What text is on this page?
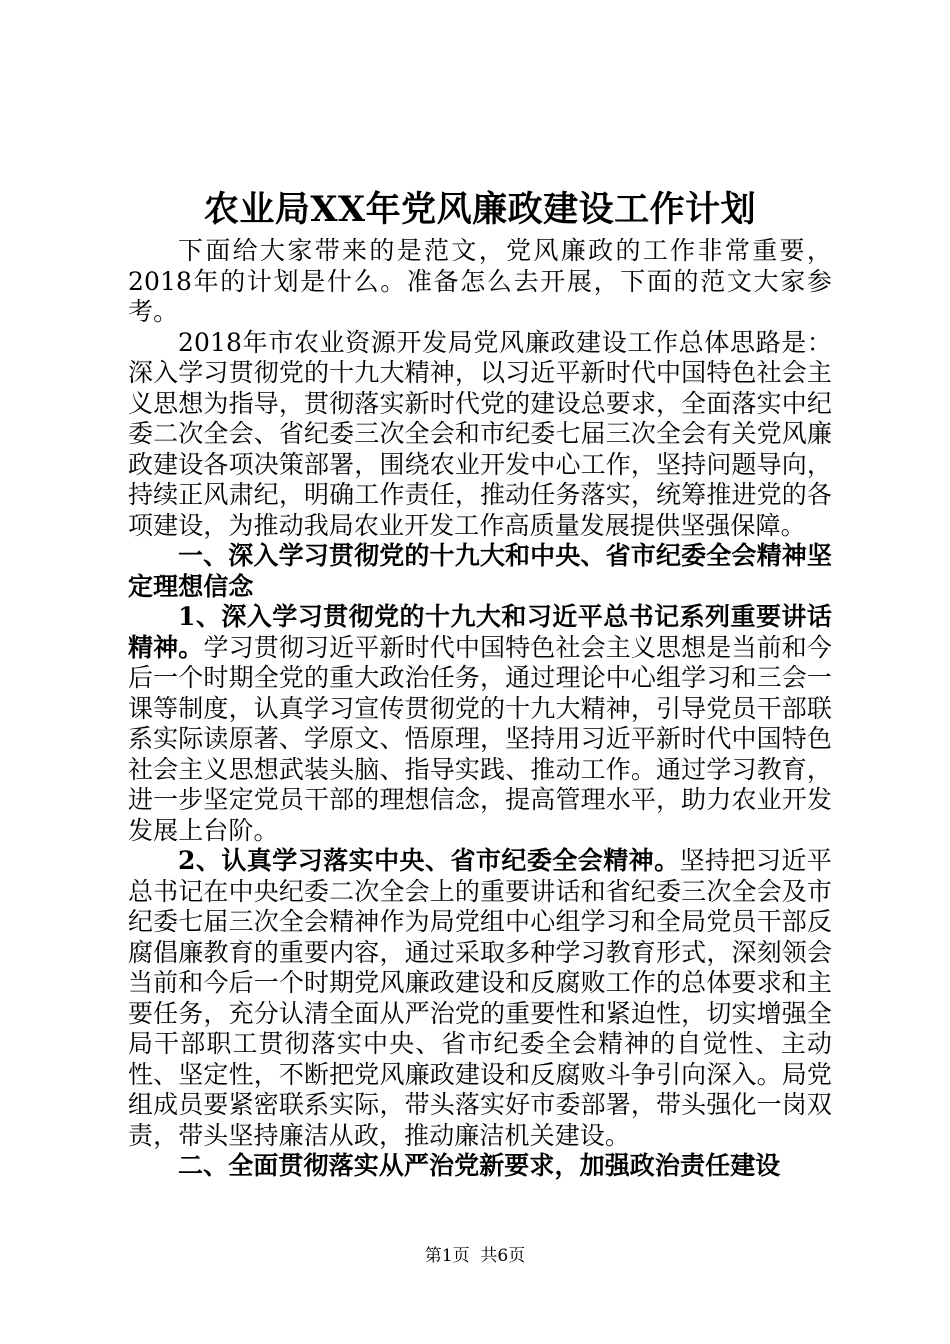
农业局XX年党风廉政建设工作计划

下面给大家带来的是范文，党风廉政的工作非常重要，2018年的计划是什么。准备怎么去开展，下面的范文大家参考。

2018年市农业资源开发局党风廉政建设工作总体思路是：深入学习贯彻党的十九大精神，以习近平新时代中国特色社会主义思想为指导，贯彻落实新时代党的建设总要求，全面落实中纪委二次全会、省纪委三次全会和市纪委七届三次全会有关党风廉政建设各项决策部署，围绕农业开发中心工作，坚持问题导向，持续正风肃纪，明确工作责任，推动任务落实，统筹推进党的各项建设，为推动我局农业开发工作高质量发展提供坚强保障。

一、深入学习贯彻党的十九大和中央、省市纪委全会精神坚定理想信念

1、深入学习贯彻党的十九大和习近平总书记系列重要讲话精神。学习贯彻习近平新时代中国特色社会主义思想是当前和今后一个时期全党的重大政治任务，通过理论中心组学习和三会一课等制度，认真学习宣传贯彻党的十九大精神，引导党员干部联系实际读原著、学原文、悟原理，坚持用习近平新时代中国特色社会主义思想武装头脑、指导实践、推动工作。通过学习教育，进一步坚定党员干部的理想信念，提高管理水平，助力农业开发发展上台阶。

2、认真学习落实中央、省市纪委全会精神。坚持把习近平总书记在中央纪委二次全会上的重要讲话和省纪委三次全会及市纪委七届三次全会精神作为局党组中心组学习和全局党员干部反腐倡廉教育的重要内容，通过采取多种学习教育形式，深刻领会当前和今后一个时期党风廉政建设和反腐败工作的总体要求和主要任务，充分认清全面从严治党的重要性和紧迫性，切实增强全局干部职工贯彻落实中央、省市纪委全会精神的自觉性、主动性、坚定性，不断把党风廉政建设和反腐败斗争引向深入。局党组成员要紧密联系实际，带头落实好市委部署，带头强化一岗双责，带头坚持廉洁从政，推动廉洁机关建设。

二、全面贯彻落实从严治党新要求，加强政治责任建设

第1页 共6页
